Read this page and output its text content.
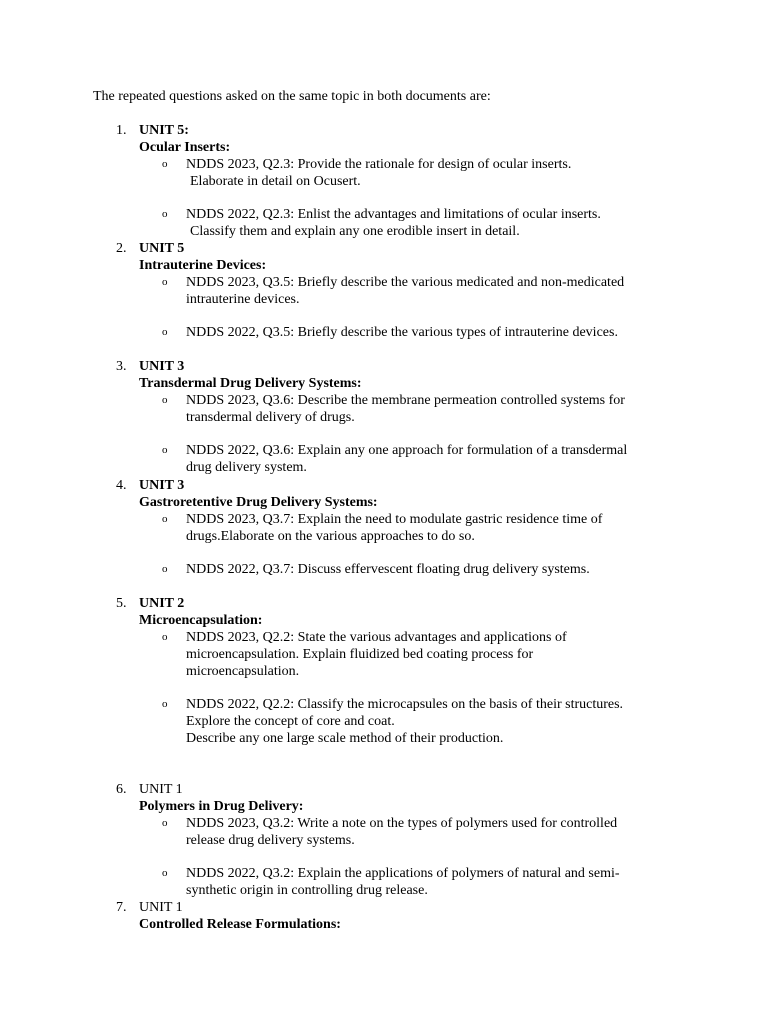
The repeated questions asked on the same topic in both documents are:
1. UNIT 5:
Ocular Inserts:
o NDDS 2023, Q2.3: Provide the rationale for design of ocular inserts.
Elaborate in detail on Ocusert.
o NDDS 2022, Q2.3: Enlist the advantages and limitations of ocular inserts.
Classify them and explain any one erodible insert in detail.
2. UNIT 5
Intrauterine Devices:
o NDDS 2023, Q3.5: Briefly describe the various medicated and non-medicated
intrauterine devices.
o NDDS 2022, Q3.5: Briefly describe the various types of intrauterine devices.
3. UNIT 3
Transdermal Drug Delivery Systems:
o NDDS 2023, Q3.6: Describe the membrane permeation controlled systems for
transdermal delivery of drugs.
o NDDS 2022, Q3.6: Explain any one approach for formulation of a transdermal
drug delivery system.
4. UNIT 3
Gastroretentive Drug Delivery Systems:
o NDDS 2023, Q3.7: Explain the need to modulate gastric residence time of
drugs.Elaborate on the various approaches to do so.
o NDDS 2022, Q3.7: Discuss effervescent floating drug delivery systems.
5. UNIT 2
Microencapsulation:
o NDDS 2023, Q2.2: State the various advantages and applications of
microencapsulation. Explain fluidized bed coating process for
microencapsulation.
o NDDS 2022, Q2.2: Classify the microcapsules on the basis of their structures.
Explore the concept of core and coat.
Describe any one large scale method of their production.
6. UNIT 1
Polymers in Drug Delivery:
o NDDS 2023, Q3.2: Write a note on the types of polymers used for controlled
release drug delivery systems.
o NDDS 2022, Q3.2: Explain the applications of polymers of natural and semi-
synthetic origin in controlling drug release.
7. UNIT 1
Controlled Release Formulations:
